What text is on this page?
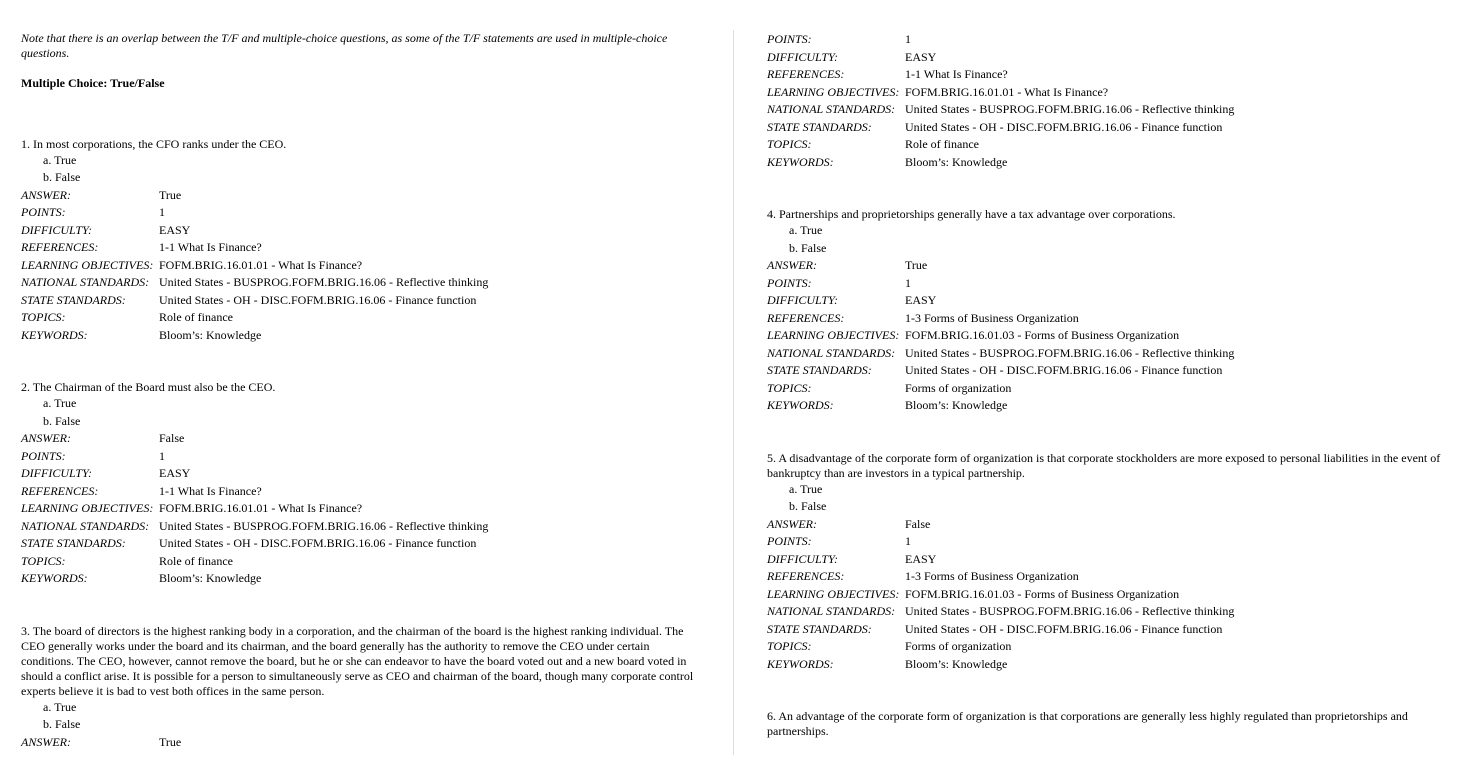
Note that there is an overlap between the T/F and multiple-choice questions, as some of the T/F statements are used in multiple-choice questions.
Multiple Choice: True/False
1. In most corporations, the CFO ranks under the CEO.
a. True
b. False
ANSWER:	True
POINTS:	1
DIFFICULTY:	EASY
REFERENCES:	1-1 What Is Finance?
LEARNING OBJECTIVES: FOFM.BRIG.16.01.01 - What Is Finance?
NATIONAL STANDARDS: United States - BUSPROG.FOFM.BRIG.16.06 - Reflective thinking
STATE STANDARDS:	United States - OH - DISC.FOFM.BRIG.16.06 - Finance function
TOPICS:	Role of finance
KEYWORDS:	Bloom’s: Knowledge
2. The Chairman of the Board must also be the CEO.
a. True
b. False
ANSWER:	False
POINTS:	1
DIFFICULTY:	EASY
REFERENCES:	1-1 What Is Finance?
LEARNING OBJECTIVES: FOFM.BRIG.16.01.01 - What Is Finance?
NATIONAL STANDARDS: United States - BUSPROG.FOFM.BRIG.16.06 - Reflective thinking
STATE STANDARDS:	United States - OH - DISC.FOFM.BRIG.16.06 - Finance function
TOPICS:	Role of finance
KEYWORDS:	Bloom’s: Knowledge
3. The board of directors is the highest ranking body in a corporation, and the chairman of the board is the highest ranking individual. The CEO generally works under the board and its chairman, and the board generally has the authority to remove the CEO under certain conditions. The CEO, however, cannot remove the board, but he or she can endeavor to have the board voted out and a new board voted in should a conflict arise. It is possible for a person to simultaneously serve as CEO and chairman of the board, though many corporate control experts believe it is bad to vest both offices in the same person.
a. True
b. False
ANSWER:	True
POINTS:	1
DIFFICULTY:	EASY
REFERENCES:	1-1 What Is Finance?
LEARNING OBJECTIVES: FOFM.BRIG.16.01.01 - What Is Finance?
NATIONAL STANDARDS: United States - BUSPROG.FOFM.BRIG.16.06 - Reflective thinking
STATE STANDARDS:	United States - OH - DISC.FOFM.BRIG.16.06 - Finance function
TOPICS:	Role of finance
KEYWORDS:	Bloom’s: Knowledge
4. Partnerships and proprietorships generally have a tax advantage over corporations.
a. True
b. False
ANSWER:	True
POINTS:	1
DIFFICULTY:	EASY
REFERENCES:	1-3 Forms of Business Organization
LEARNING OBJECTIVES: FOFM.BRIG.16.01.03 - Forms of Business Organization
NATIONAL STANDARDS: United States - BUSPROG.FOFM.BRIG.16.06 - Reflective thinking
STATE STANDARDS:	United States - OH - DISC.FOFM.BRIG.16.06 - Finance function
TOPICS:	Forms of organization
KEYWORDS:	Bloom’s: Knowledge
5. A disadvantage of the corporate form of organization is that corporate stockholders are more exposed to personal liabilities in the event of bankruptcy than are investors in a typical partnership.
a. True
b. False
ANSWER:	False
POINTS:	1
DIFFICULTY:	EASY
REFERENCES:	1-3 Forms of Business Organization
LEARNING OBJECTIVES: FOFM.BRIG.16.01.03 - Forms of Business Organization
NATIONAL STANDARDS: United States - BUSPROG.FOFM.BRIG.16.06 - Reflective thinking
STATE STANDARDS:	United States - OH - DISC.FOFM.BRIG.16.06 - Finance function
TOPICS:	Forms of organization
KEYWORDS:	Bloom’s: Knowledge
6. An advantage of the corporate form of organization is that corporations are generally less highly regulated than proprietorships and partnerships.
